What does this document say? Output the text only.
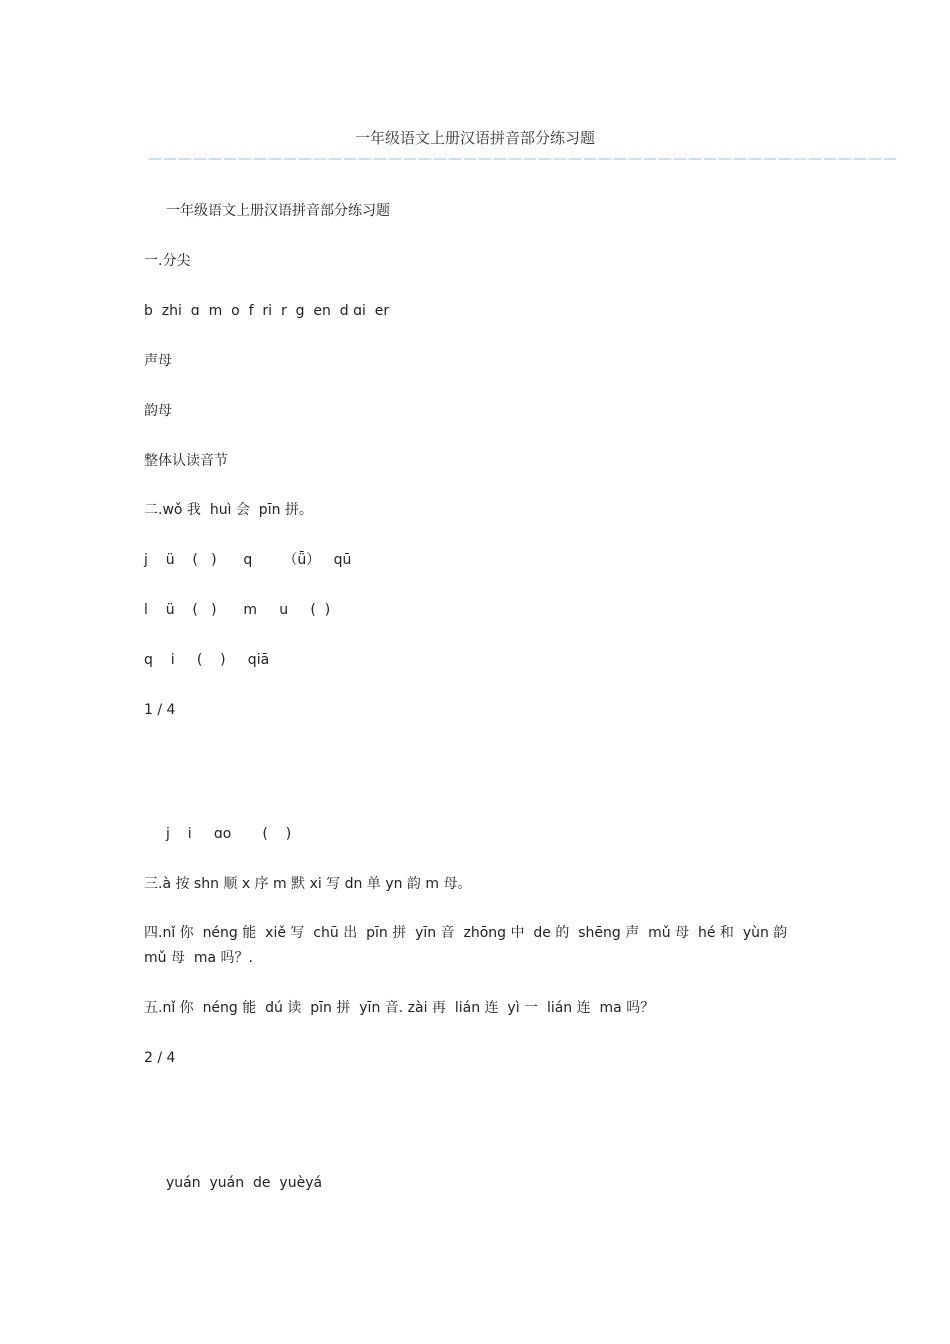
一年级语文上册汉语拼音部分练习题
——————————————————————————————————————————————————
一年级语文上册汉语拼音部分练习题
一.分尖
b  zhi  ɑ  m  o  f  ri  r  g  en  d ɑi  er
声母
韵母
整体认读音节
二.wǒ 我  huì 会  pīn 拼。
j    ü    (   )      q       （ǖ）   qū
l    ü    (   )      m     u     (  )
q    i     (    )     qiā
1 / 4
j    i     ɑo       (    )
三.à 按 shn 顺 x 序 m 默 xi 写 dn 单 yn 韵 m 母。
四.nǐ 你  néng 能  xiě 写  chū 出  pīn 拼  yīn 音  zhōng 中  de 的  shēng 声  mǔ 母  hé 和  yùn 韵  mǔ 母  ma 吗？.
五.nǐ 你  néng 能  dú 读  pīn 拼  yīn 音. zài 再  lián 连  yì 一  lián 连  ma 吗？
2 / 4
yuán  yuán  de  yuèyá
